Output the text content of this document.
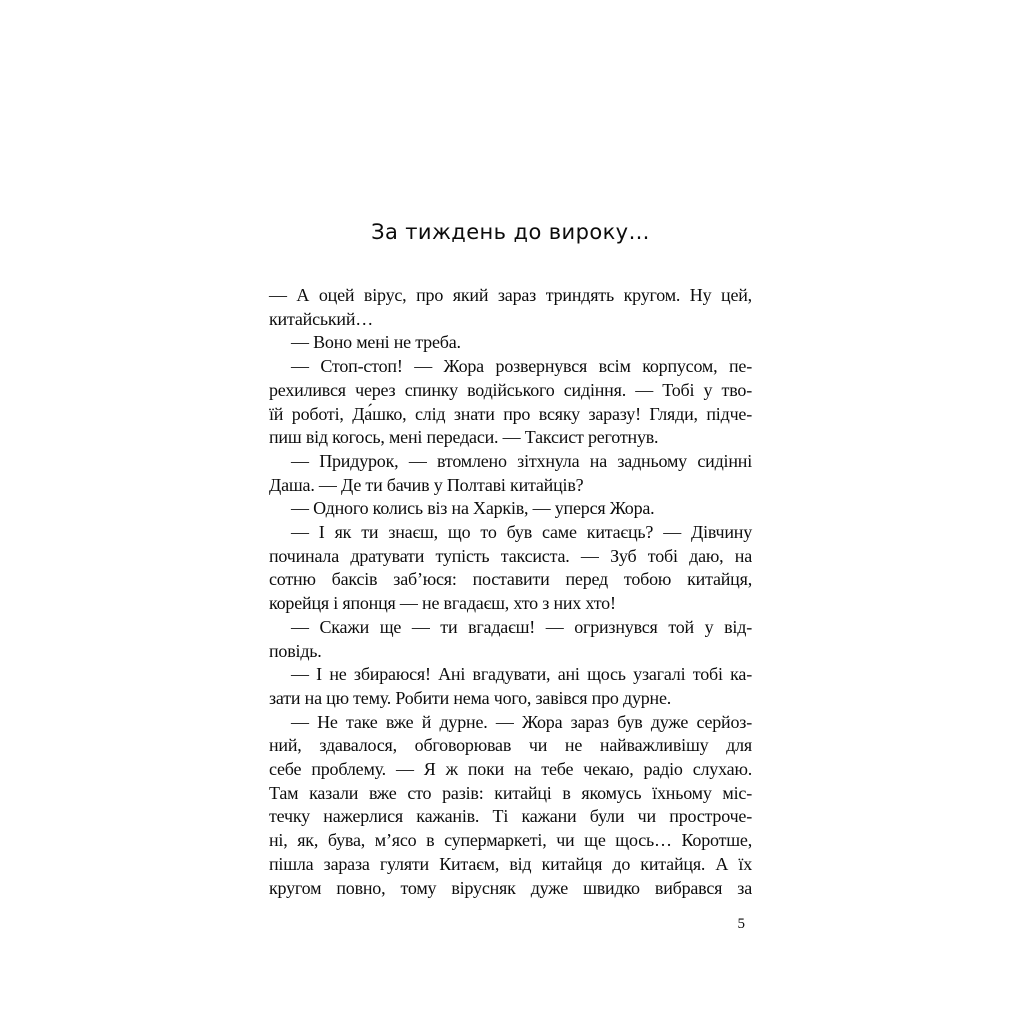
За тиждень до вироку…
— А оцей вірус, про який зараз триндять кругом. Ну цей,
китайський…
— Воно мені не треба.
— Стоп-стоп! — Жора розвернувся всім корпусом, пе-
рехилився через спинку водійського сидіння. — Тобі у тво-
їй роботі, Да́шко, слід знати про всяку заразу! Гляди, підче-
пиш від когось, мені передаси. — Таксист реготнув.
— Придурок, — втомлено зітхнула на задньому сидінні
Даша. — Де ти бачив у Полтаві китайців?
— Одного колись віз на Харків, — уперся Жора.
— І як ти знаєш, що то був саме китаєць? — Дівчину
починала дратувати тупість таксиста. — Зуб тобі даю, на
сотню баксів заб’юся: поставити перед тобою китайця,
корейця і японця — не вгадаєш, хто з них хто!
— Скажи ще — ти вгадаєш! — огризнувся той у від-
повідь.
— І не збираюся! Ані вгадувати, ані щось узагалі тобі ка-
зати на цю тему. Робити нема чого, завівся про дурне.
— Не таке вже й дурне. — Жора зараз був дуже серйоз-
ний, здавалося, обговорював чи не найважливішу для
себе проблему. — Я ж поки на тебе чекаю, радіо слухаю.
Там казали вже сто разів: китайці в якомусь їхньому міс-
течку нажерлися кажанів. Ті кажани були чи простроче-
ні, як, бува, м’ясо в супермаркеті, чи ще щось… Коротше,
пішла зараза гуляти Китаєм, від китайця до китайця. А їх
кругом повно, тому вірусняк дуже швидко вибрався за
5
